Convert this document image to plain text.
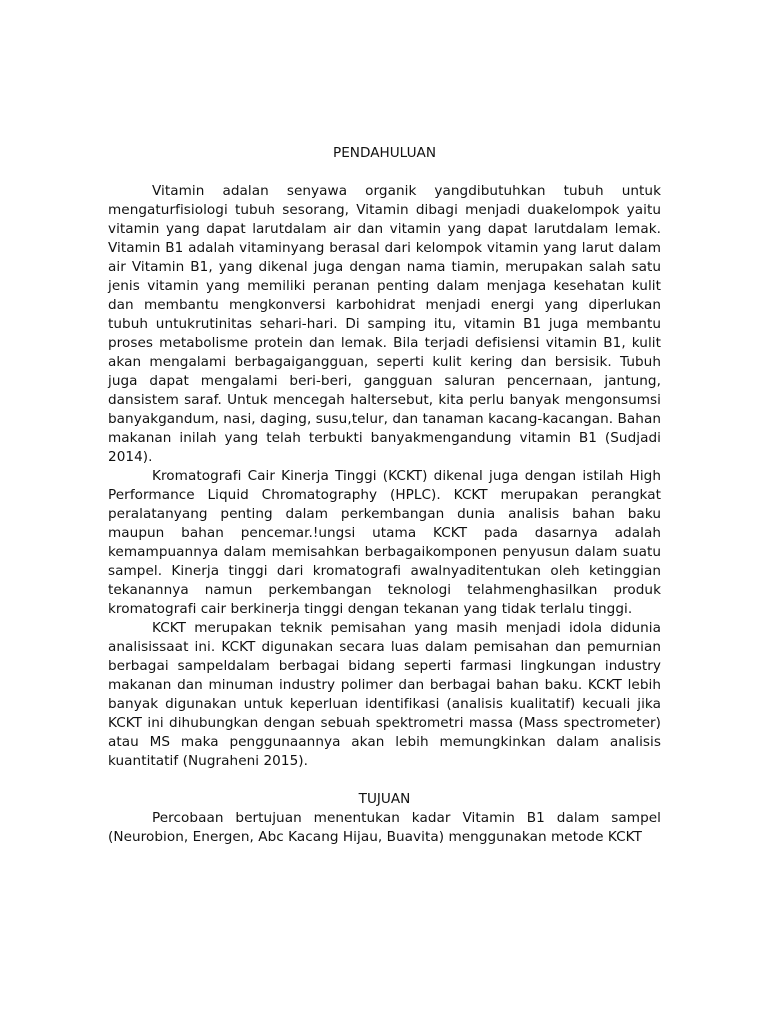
PENDAHULUAN

Vitamin adalan senyawa organik yangdibutuhkan tubuh untuk mengaturfisiologi tubuh sesorang, Vitamin dibagi menjadi duakelompok yaitu vitamin yang dapat larutdalam air dan vitamin yang dapat larutdalam lemak. Vitamin B1 adalah vitaminyang berasal dari kelompok vitamin yang larut dalam air Vitamin B1, yang dikenal juga dengan nama tiamin, merupakan salah satu jenis vitamin yang memiliki peranan penting dalam menjaga kesehatan kulit dan membantu mengkonversi karbohidrat menjadi energi yang diperlukan tubuh untukrutinitas sehari-hari. Di samping itu, vitamin B1 juga membantu proses metabolisme protein dan lemak. Bila terjadi defisiensi vitamin B1, kulit akan mengalami berbagaigangguan, seperti kulit kering dan bersisik. Tubuh juga dapat mengalami beri-beri, gangguan saluran pencernaan, jantung, dansistem saraf. Untuk mencegah haltersebut, kita perlu banyak mengonsumsi banyakgandum, nasi, daging, susu,telur, dan tanaman kacang-kacangan. Bahan makanan inilah yang telah terbukti banyakmengandung vitamin B1 (Sudjadi 2014).

Kromatografi Cair Kinerja Tinggi (KCKT) dikenal juga dengan istilah High Performance Liquid Chromatography (HPLC). KCKT merupakan perangkat peralatanyang penting dalam perkembangan dunia analisis bahan baku maupun bahan pencemar.!ungsi utama KCKT pada dasarnya adalah kemampuannya dalam memisahkan berbagaikomponen penyusun dalam suatu sampel. Kinerja tinggi dari kromatografi awalnyaditentukan oleh ketinggian tekanannya namun perkembangan teknologi telahmenghasilkan produk kromatografi cair berkinerja tinggi dengan tekanan yang tidak terlalu tinggi.

KCKT merupakan teknik pemisahan yang masih menjadi idola didunia analisissaat ini. KCKT digunakan secara luas dalam pemisahan dan pemurnian berbagai sampeldalam berbagai bidang seperti farmasi lingkungan industry makanan dan minuman industry polimer dan berbagai bahan baku. KCKT lebih banyak digunakan untuk keperluan identifikasi (analisis kualitatif) kecuali jika KCKT ini dihubungkan dengan sebuah spektrometri massa (Mass spectrometer) atau MS maka penggunaannya akan lebih memungkinkan dalam analisis kuantitatif (Nugraheni 2015).

TUJUAN

Percobaan bertujuan menentukan kadar Vitamin B1 dalam sampel (Neurobion, Energen, Abc Kacang Hijau, Buavita) menggunakan metode KCKT
